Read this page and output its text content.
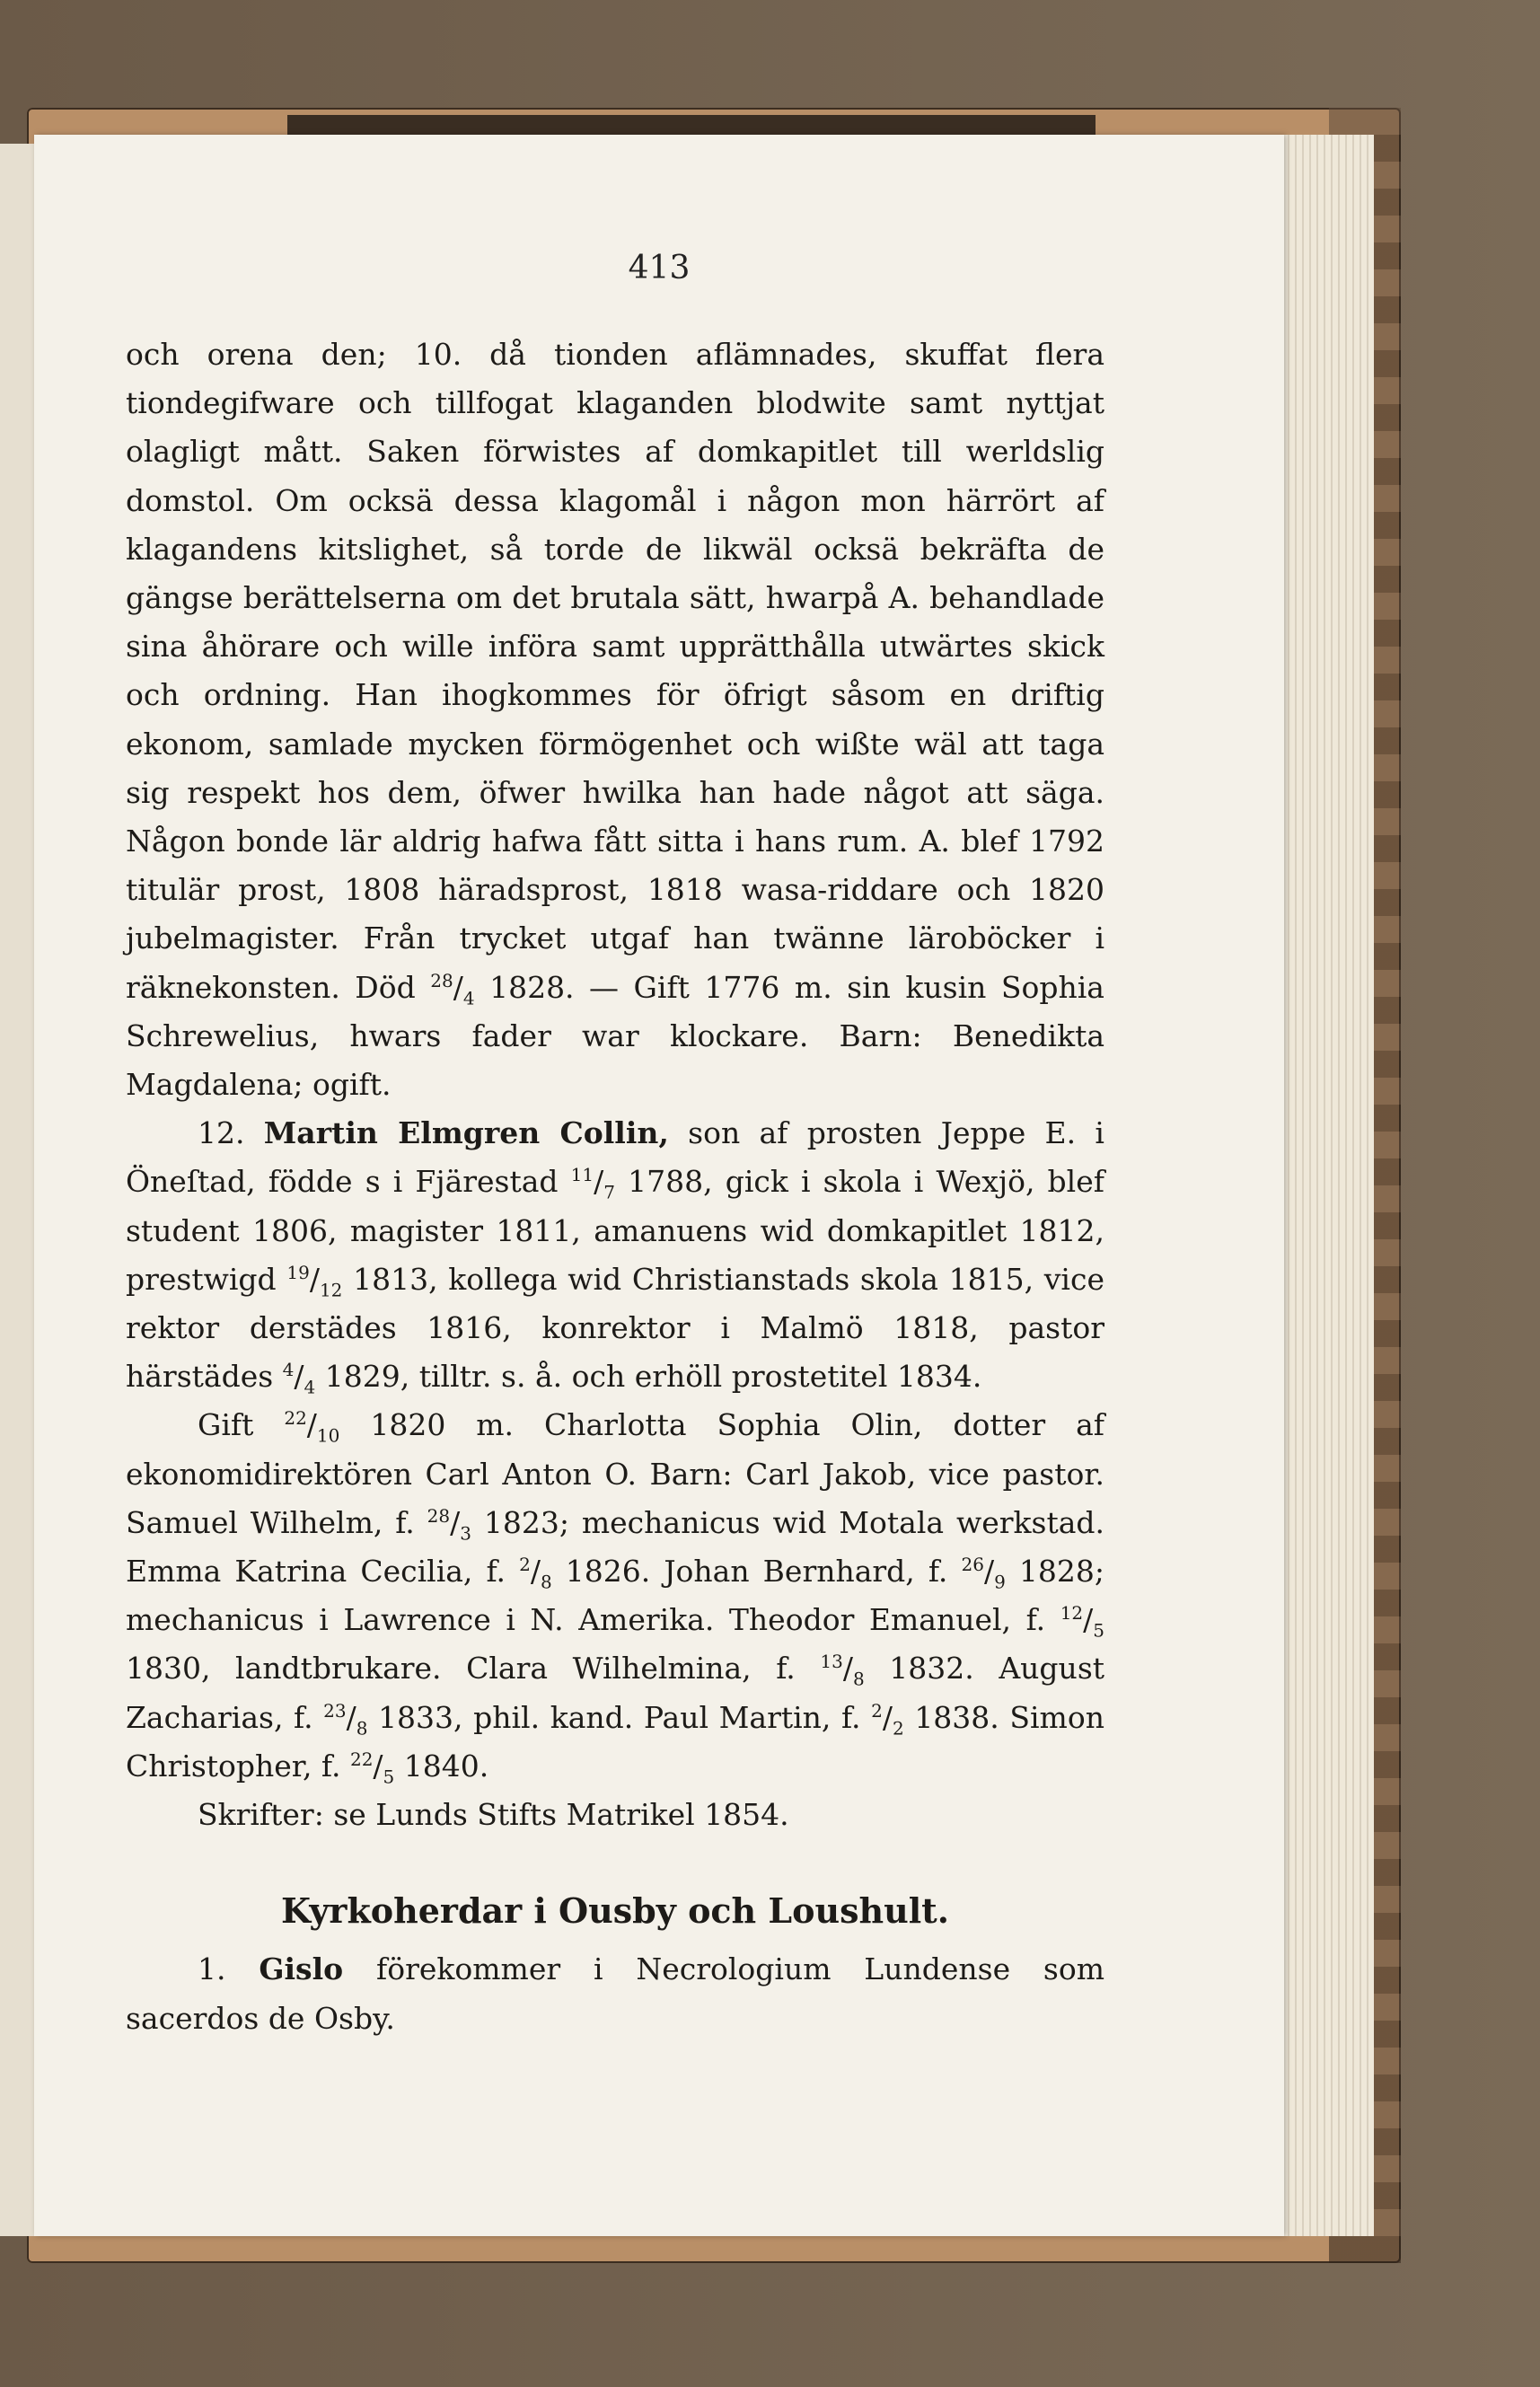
413

och orena den; 10. då tionden aflämnades, skuffat flera tiondegifware och tillfogat klaganden blodwite samt nyttjat olagligt mått. Saken förwistes af domkapitlet till werldslig domstol. Om ocksä dessa klagomål i någon mon härrört af klagandens kitslighet, så torde de likwäl ocksä bekräfta de gängse berättelserna om det brutala sätt, hwarpå A. behandlade sina åhörare och wille införa samt upprätthålla utwärtes skick och ordning. Han ihogkommes för öfrigt såsom en driftig ekonom, samlade mycken förmögenhet och wißte wäl att taga sig respekt hos dem, öfwer hwilka han hade något att säga. Någon bonde lär aldrig hafwa fått sitta i hans rum. A. blef 1792 titulär prost, 1808 häradsprost, 1818 wasa-riddare och 1820 jubelmagister. Från trycket utgaf han twänne läroböcker i räknekonsten. Död $^{28}/_4$ 1828. — Gift 1776 m. sin kusin Sophia Schrewelius, hwars fader war klockare. Barn: Benedikta Magdalena; ogift.

12. Martin Elmgren Collin, son af prosten Jeppe E. i Öneſtad, födde s i Fjärestad $^{11}/_7$ 1788, gick i skola i Wexjö, blef student 1806, magister 1811, amanuens wid domkapitlet 1812, prestwigd $^{19}/_{12}$ 1813, kollega wid Christianstads skola 1815, vice rektor derstädes 1816, konrektor i Malmö 1818, pastor härstädes $^4/_4$ 1829, tilltr. s. å. och erhöll prostetitel 1834.

Gift $^{22}/_{10}$ 1820 m. Charlotta Sophia Olin, dotter af ekonomidirektören Carl Anton O. Barn: Carl Jakob, vice pastor. Samuel Wilhelm, f. $^{28}/_3$ 1823; mechanicus wid Motala werkstad. Emma Katrina Cecilia, f. $^2/_8$ 1826. Johan Bernhard, f. $^{26}/_9$ 1828; mechanicus i Lawrence i N. Amerika. Theodor Emanuel, f. $^{12}/_5$ 1830, landtbrukare. Clara Wilhelmina, f. $^{13}/_8$ 1832. August Zacharias, f. $^{23}/_8$ 1833, phil. kand. Paul Martin, f. $^2/_2$ 1838. Simon Christopher, f. $^{22}/_5$ 1840.

Skrifter: se Lunds Stifts Matrikel 1854.

Kyrkoherdar i Ousby och Loushult.

1. Gislo förekommer i Necrologium Lundense som sacerdos de Osby.
